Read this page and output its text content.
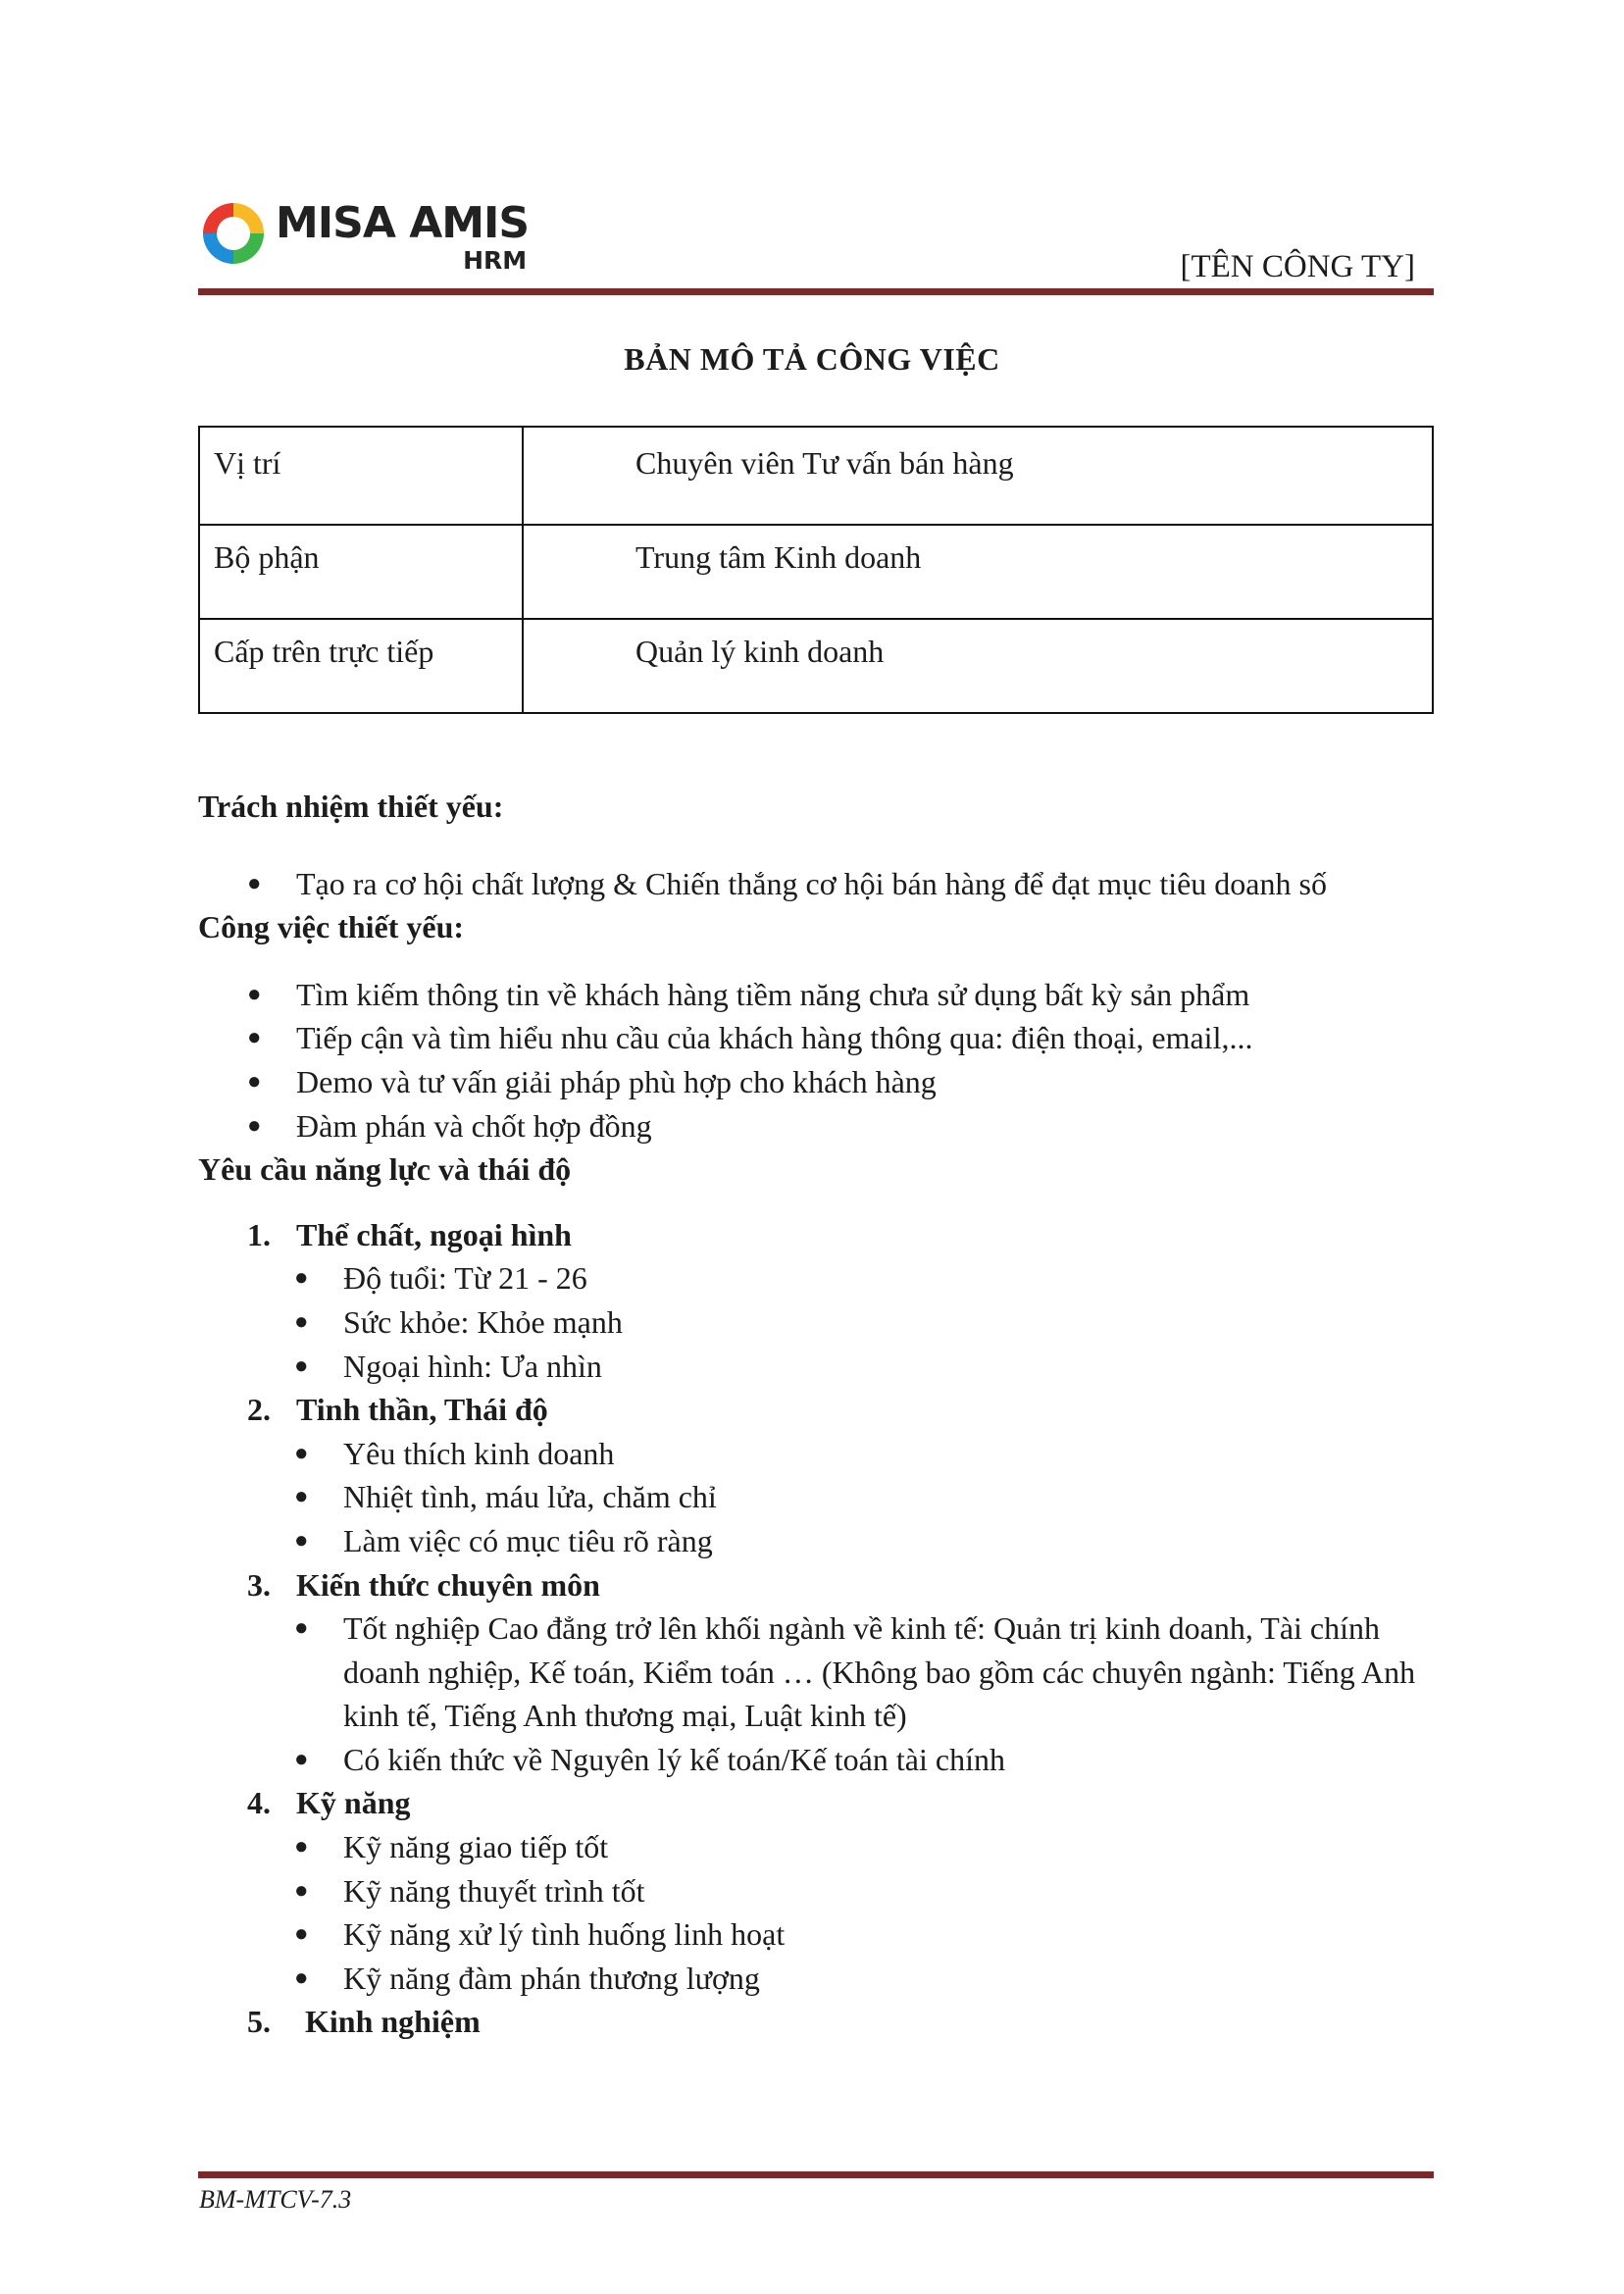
MISA AMIS
HRM	[TÊN CÔNG TY]
BẢN MÔ TẢ CÔNG VIỆC
Vị trí	Chuyên viên Tư vấn bán hàng
Bộ phận	Trung tâm Kinh doanh
Cấp trên trực tiếp	Quản lý kinh doanh
Trách nhiệm thiết yếu:
● Tạo ra cơ hội chất lượng & Chiến thắng cơ hội bán hàng để đạt mục tiêu doanh số
Công việc thiết yếu:
● Tìm kiếm thông tin về khách hàng tiềm năng chưa sử dụng bất kỳ sản phẩm
● Tiếp cận và tìm hiểu nhu cầu của khách hàng thông qua: điện thoại, email,...
● Demo và tư vấn giải pháp phù hợp cho khách hàng
● Đàm phán và chốt hợp đồng
Yêu cầu năng lực và thái độ
1. Thể chất, ngoại hình
● Độ tuổi: Từ 21 - 26
● Sức khỏe: Khỏe mạnh
● Ngoại hình: Ưa nhìn
2. Tinh thần, Thái độ
● Yêu thích kinh doanh
● Nhiệt tình, máu lửa, chăm chỉ
● Làm việc có mục tiêu rõ ràng
3. Kiến thức chuyên môn
● Tốt nghiệp Cao đẳng trở lên khối ngành về kinh tế: Quản trị kinh doanh, Tài chính doanh nghiệp, Kế toán, Kiểm toán … (Không bao gồm các chuyên ngành: Tiếng Anh kinh tế, Tiếng Anh thương mại, Luật kinh tế)
● Có kiến thức về Nguyên lý kế toán/Kế toán tài chính
4. Kỹ năng
● Kỹ năng giao tiếp tốt
● Kỹ năng thuyết trình tốt
● Kỹ năng xử lý tình huống linh hoạt
● Kỹ năng đàm phán thương lượng
5. Kinh nghiệm
BM-MTCV-7.3
